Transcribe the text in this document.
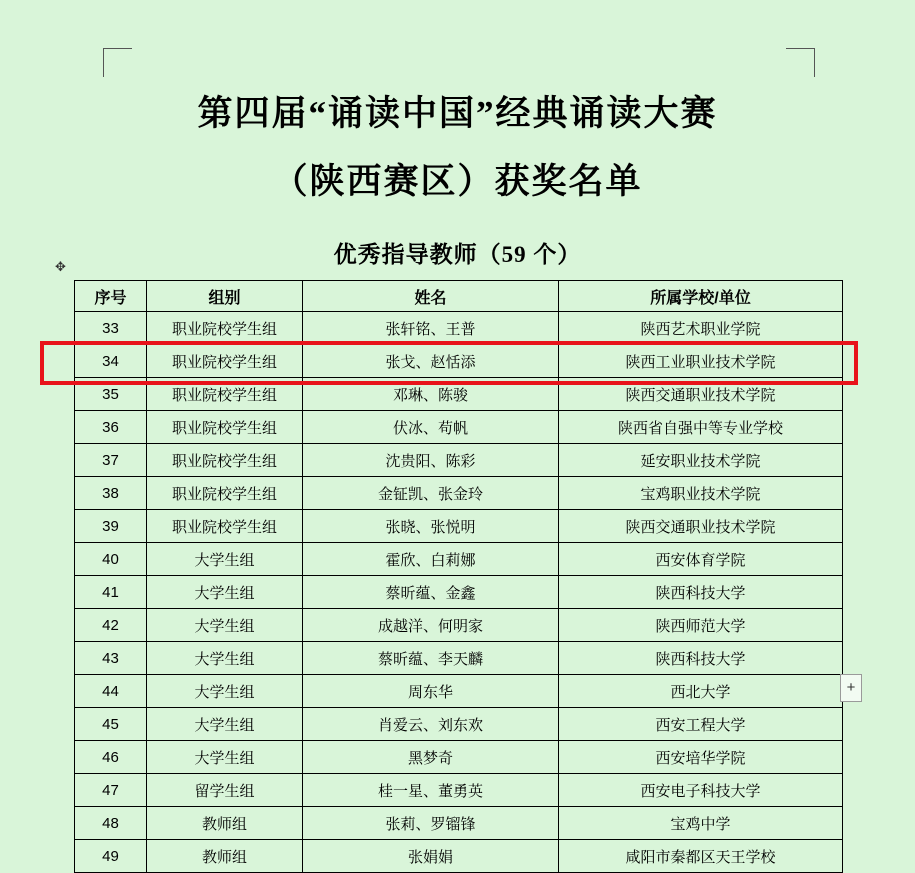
第四届“诵读中国”经典诵读大赛
（陕西赛区）获奖名单
优秀指导教师（59 个）
✥
序号	组别	姓名	所属学校/单位
33	职业院校学生组	张轩铭、王普	陕西艺术职业学院
34	职业院校学生组	张戈、赵恬添	陕西工业职业技术学院
35	职业院校学生组	邓琳、陈骏	陕西交通职业技术学院
36	职业院校学生组	伏冰、苟帆	陕西省自强中等专业学校
37	职业院校学生组	沈贵阳、陈彩	延安职业技术学院
38	职业院校学生组	金钲凯、张金玲	宝鸡职业技术学院
39	职业院校学生组	张晓、张悦明	陕西交通职业技术学院
40	大学生组	霍欣、白莉娜	西安体育学院
41	大学生组	蔡昕蕴、金鑫	陕西科技大学
42	大学生组	成越洋、何明家	陕西师范大学
43	大学生组	蔡昕蕴、李天麟	陕西科技大学
44	大学生组	周东华	西北大学
45	大学生组	肖爱云、刘东欢	西安工程大学
46	大学生组	黑梦奇	西安培华学院
47	留学生组	桂一星、董勇英	西安电子科技大学
48	教师组	张莉、罗镏锋	宝鸡中学
49	教师组	张娟娟	咸阳市秦都区天王学校
+
